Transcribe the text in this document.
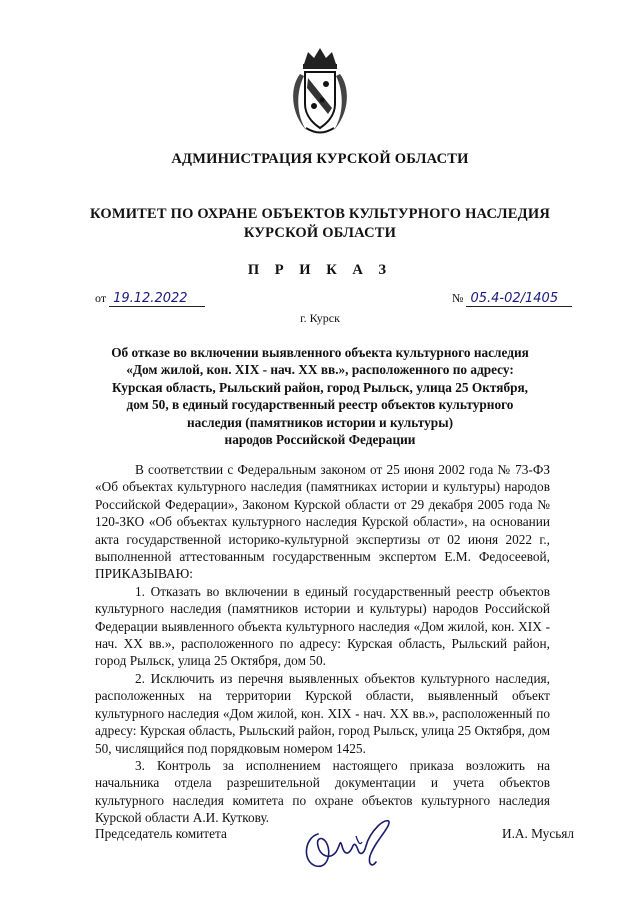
АДМИНИСТРАЦИЯ КУРСКОЙ ОБЛАСТИ
КОМИТЕТ ПО ОХРАНЕ ОБЪЕКТОВ КУЛЬТУРНОГО НАСЛЕДИЯ
КУРСКОЙ ОБЛАСТИ
П Р И К А З
от 19.12.2022	№ 05.4-02/1405
г. Курск
Об отказе во включении выявленного объекта культурного наследия
«Дом жилой, кон. XIX - нач. XX вв.», расположенного по адресу:
Курская область, Рыльский район, город Рыльск, улица 25 Октября,
дом 50, в единый государственный реестр объектов культурного
наследия (памятников истории и культуры)
народов Российской Федерации

В соответствии с Федеральным законом от 25 июня 2002 года № 73-ФЗ «Об объектах культурного наследия (памятниках истории и культуры) народов Российской Федерации», Законом Курской области от 29 декабря 2005 года № 120-ЗКО «Об объектах культурного наследия Курской области», на основании акта государственной историко-культурной экспертизы от 02 июня 2022 г., выполненной аттестованным государственным экспертом Е.М. Федосеевой, ПРИКАЗЫВАЮ:

1. Отказать во включении в единый государственный реестр объектов культурного наследия (памятников истории и культуры) народов Российской Федерации выявленного объекта культурного наследия «Дом жилой, кон. XIX - нач. XX вв.», расположенного по адресу: Курская область, Рыльский район, город Рыльск, улица 25 Октября, дом 50.

2. Исключить из перечня выявленных объектов культурного наследия, расположенных на территории Курской области, выявленный объект культурного наследия «Дом жилой, кон. XIX - нач. XX вв.», расположенный по адресу: Курская область, Рыльский район, город Рыльск, улица 25 Октября, дом 50, числящийся под порядковым номером 1425.

3. Контроль за исполнением настоящего приказа возложить на начальника отдела разрешительной документации и учета объектов культурного наследия комитета по охране объектов культурного наследия Курской области А.И. Куткову.

Председатель комитета	И.А. Мусьял
